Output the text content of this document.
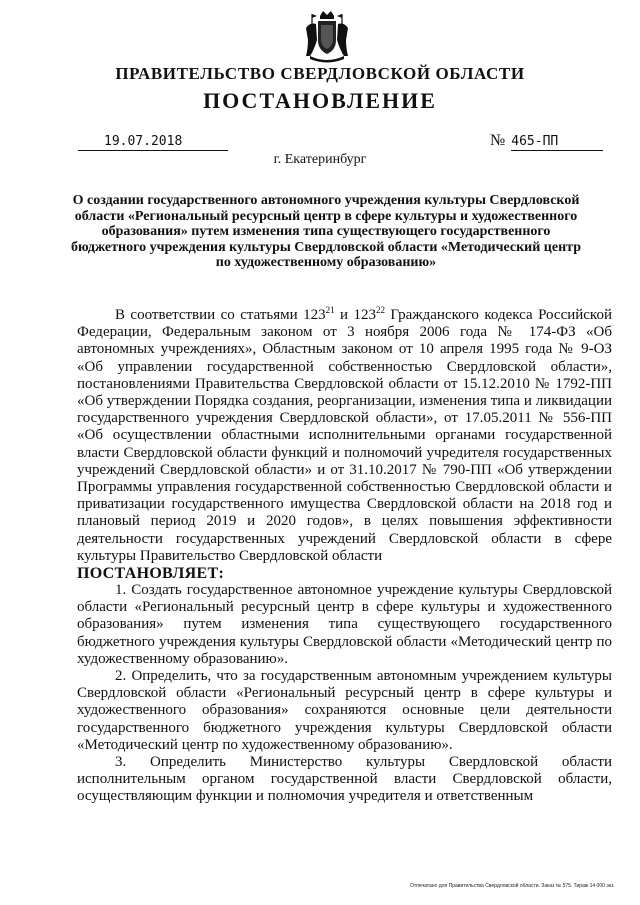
ПРАВИТЕЛЬСТВО СВЕРДЛОВСКОЙ ОБЛАСТИ
ПОСТАНОВЛЕНИЕ
19.07.2018	№ 465-ПП
г. Екатеринбург
О создании государственного автономного учреждения культуры Свердловской области «Региональный ресурсный центр в сфере культуры и художественного образования» путем изменения типа существующего государственного бюджетного учреждения культуры Свердловской области «Методический центр по художественному образованию»

В соответствии со статьями $123^{21}$ и $123^{22}$ Гражданского кодекса Российской Федерации, Федеральным законом от 3 ноября 2006 года № 174-ФЗ «Об автономных учреждениях», Областным законом от 10 апреля 1995 года № 9-ОЗ «Об управлении государственной собственностью Свердловской области», постановлениями Правительства Свердловской области от 15.12.2010 № 1792-ПП «Об утверждении Порядка создания, реорганизации, изменения типа и ликвидации государственного учреждения Свердловской области», от 17.05.2011 № 556-ПП «Об осуществлении областными исполнительными органами государственной власти Свердловской области функций и полномочий учредителя государственных учреждений Свердловской области» и от 31.10.2017 № 790-ПП «Об утверждении Программы управления государственной собственностью Свердловской области и приватизации государственного имущества Свердловской области на 2018 год и плановый период 2019 и 2020 годов», в целях повышения эффективности деятельности государственных учреждений Свердловской области в сфере культуры Правительство Свердловской области

ПОСТАНОВЛЯЕТ:

1. Создать государственное автономное учреждение культуры Свердловской области «Региональный ресурсный центр в сфере культуры и художественного образования» путем изменения типа существующего государственного бюджетного учреждения культуры Свердловской области «Методический центр по художественному образованию».

2. Определить, что за государственным автономным учреждением культуры Свердловской области «Региональный ресурсный центр в сфере культуры и художественного образования» сохраняются основные цели деятельности государственного бюджетного учреждения культуры Свердловской области «Методический центр по художественному образованию».

3. Определить Министерство культуры Свердловской области исполнительным органом государственной власти Свердловской области, осуществляющим функции и полномочия учредителя и ответственным

Отпечатано для Правительства Свердловской области. Заказ № 575. Тираж 14 000 экз.
